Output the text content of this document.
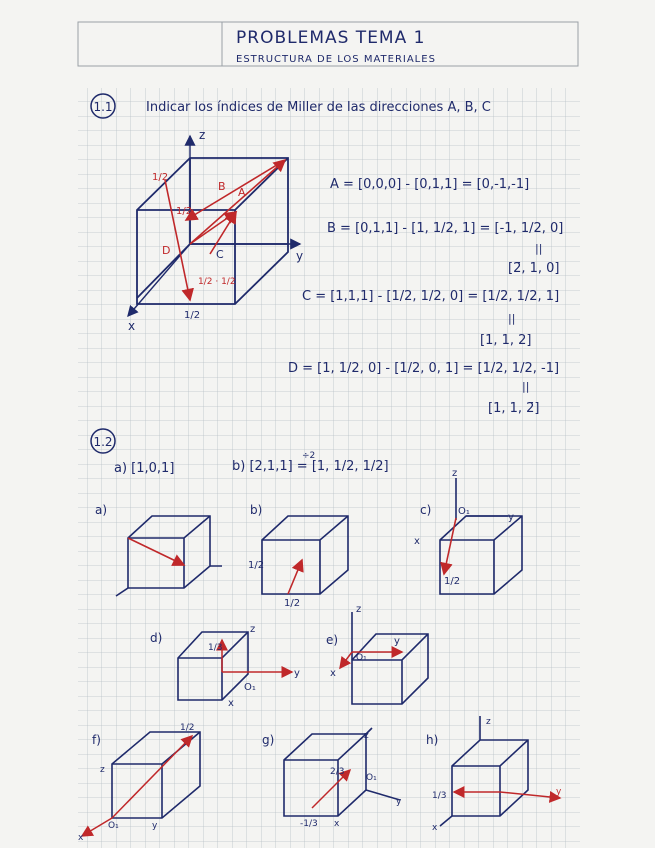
1.1	Indicar los índices de Miller de las direcciones A, B, C
z
y
x
1/2
1/2
B A
D	C
1/2 · 1/2
1/2
A = [0,0,0] - [0,1,1] = [0,-1,-1]
B = [0,1,1] - [1, 1/2, 1] = [-1, 1/2, 0]
||
[2̄, 1, 0]
C = [1,1,1] - [1/2, 1/2, 0] = [1/2, 1/2, 1]
||
[1, 1, 2]
D = [1, 1/2, 0] - [1/2, 0, 1] = [1/2, 1/2, -1]
||
[1, 1, 2̄]
1.2
a) [1,0,1]	b) [2,1,1] = [1, 1/2, 1/2]
÷2
a)	b)
1/2
1/2
c)
z
O₁
y
x
1/2
d)
z
1/3
y
O₁
x
e)
z
y
O₁
x
f)
1/2
z
O₁	y
x
g)	z
2/3
O₁
y
-1/3 x
h)
z
1/3	y
x
PROBLEMAS TEMA 1
ESTRUCTURA DE LOS MATERIALES
